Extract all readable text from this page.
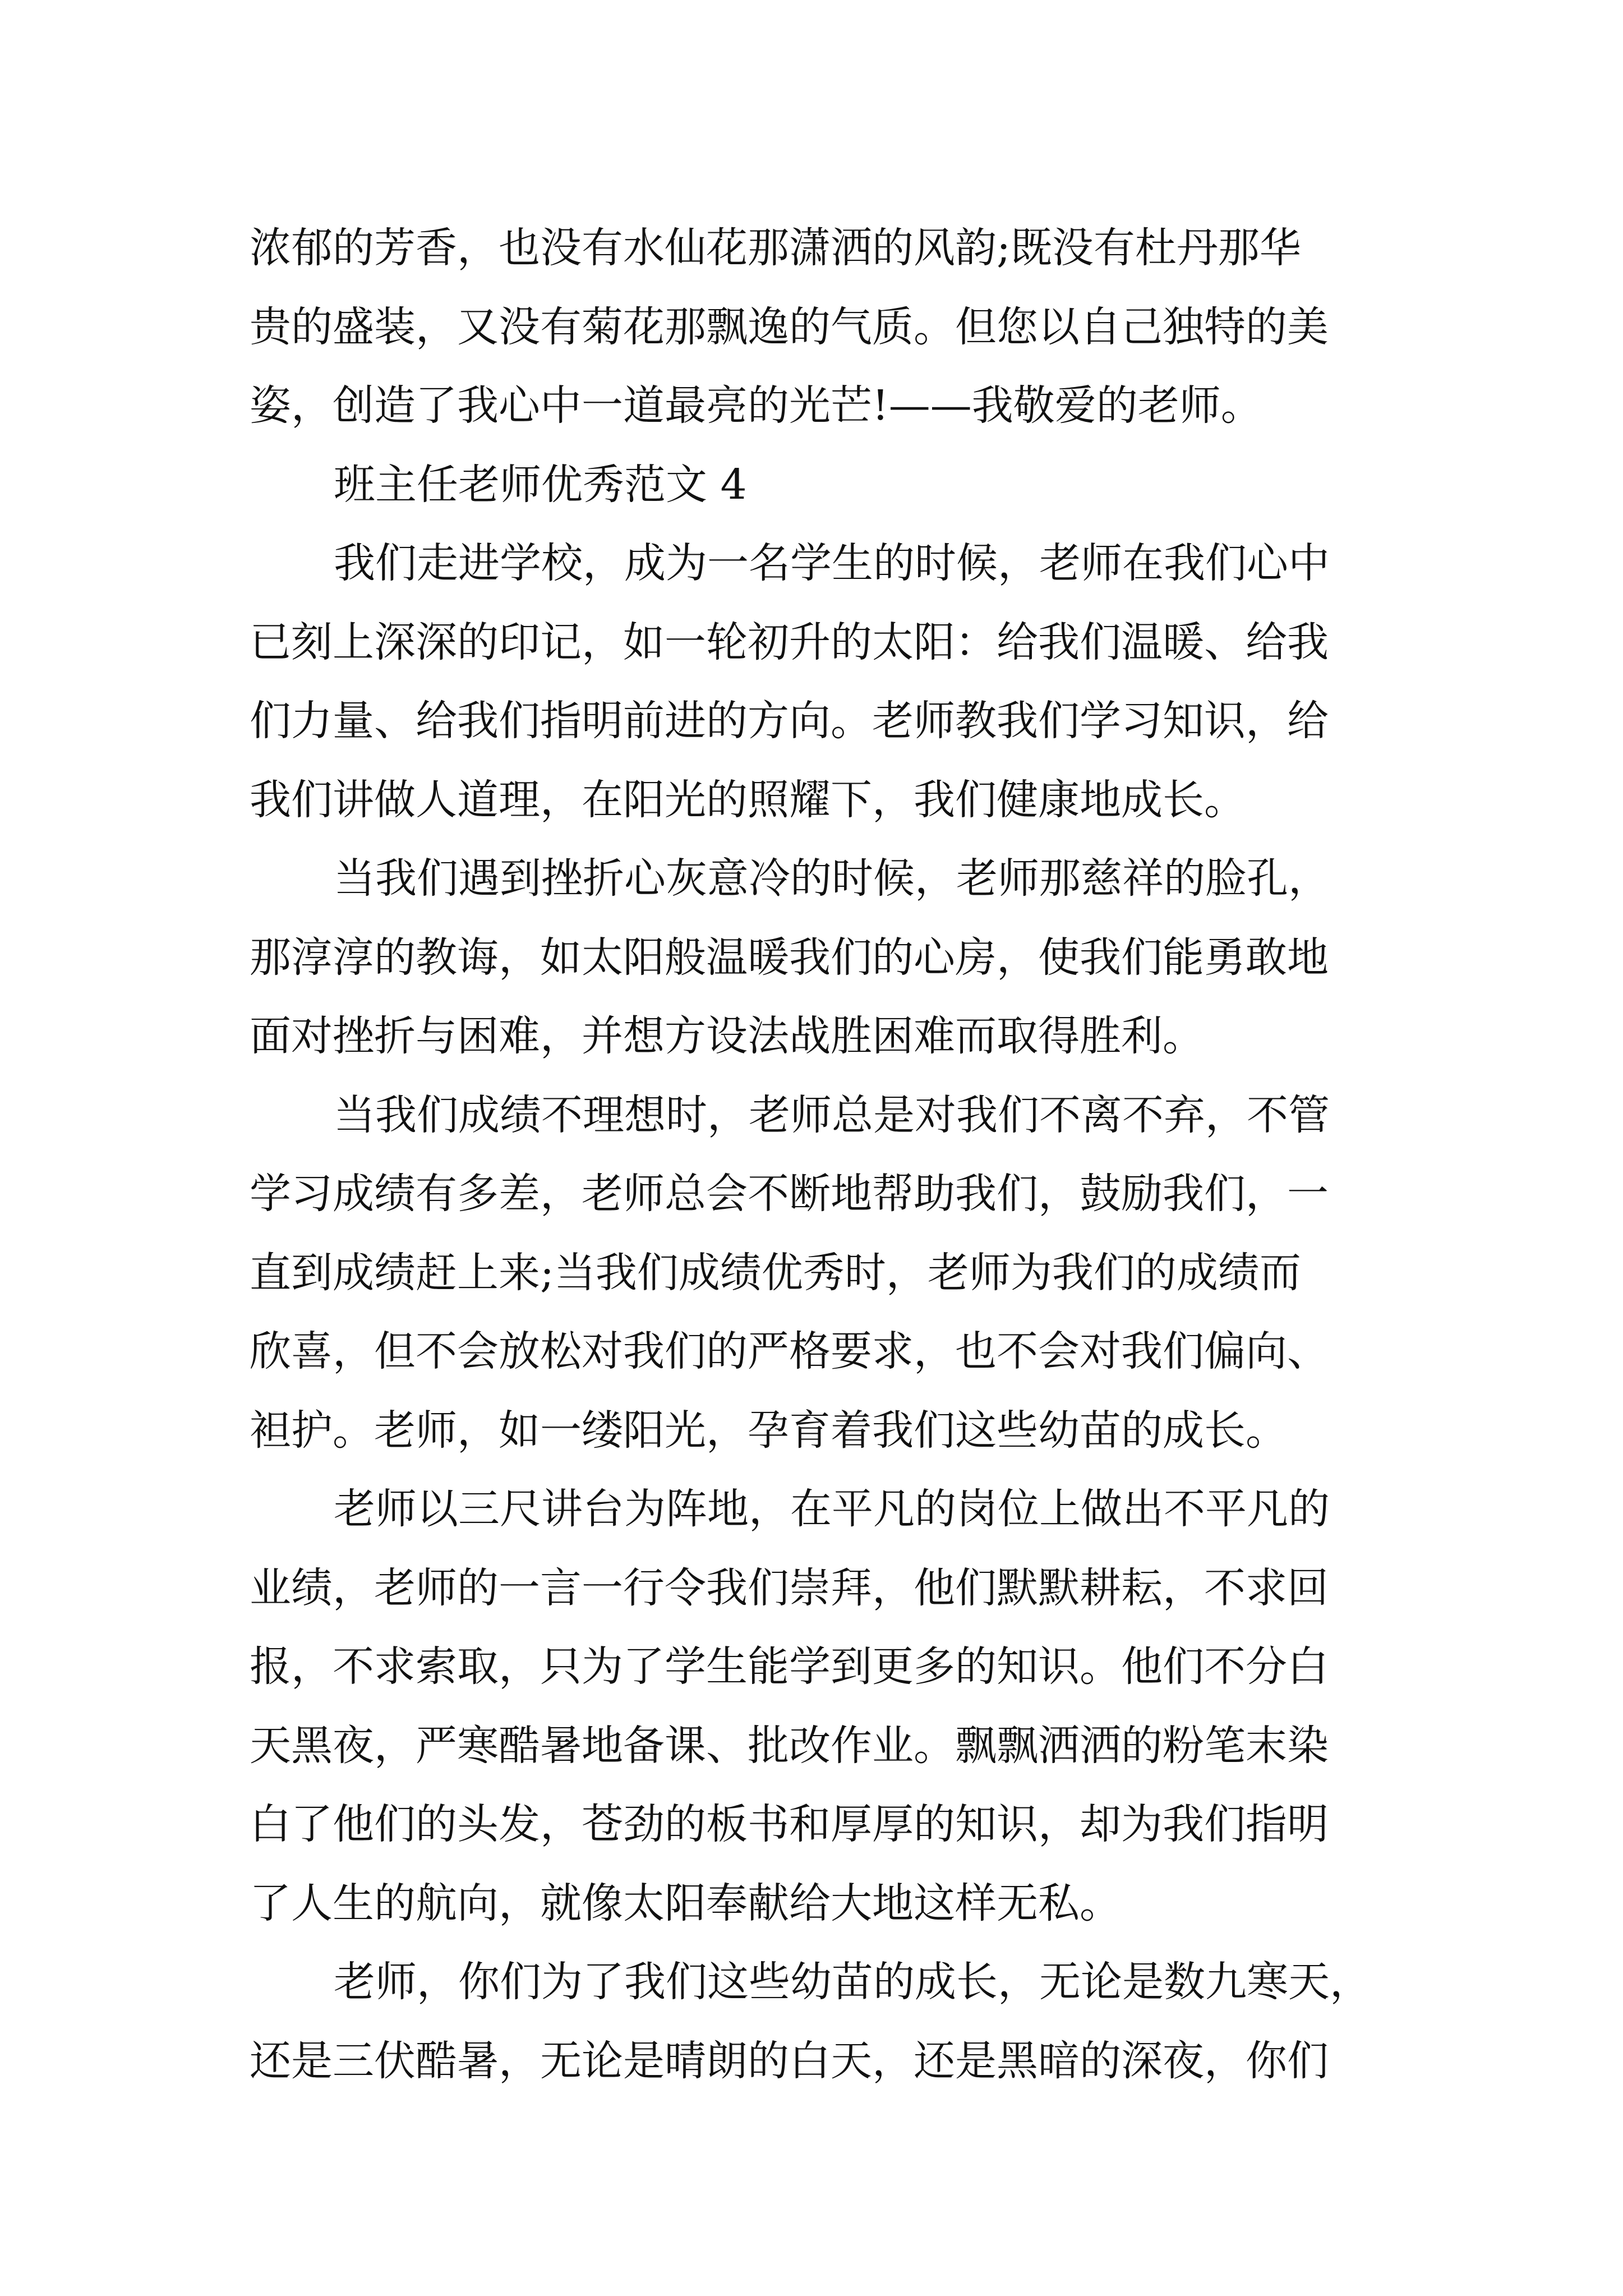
浓郁的芳香，也没有水仙花那潇洒的风韵;既没有杜丹那华
贵的盛装，又没有菊花那飘逸的气质。但您以自己独特的美
姿，创造了我心中一道最亮的光芒!——我敬爱的老师。
班主任老师优秀范文 4
我们走进学校，成为一名学生的时候，老师在我们心中
已刻上深深的印记，如一轮初升的太阳：给我们温暖、给我
们力量、给我们指明前进的方向。老师教我们学习知识，给
我们讲做人道理，在阳光的照耀下，我们健康地成长。
当我们遇到挫折心灰意冷的时候，老师那慈祥的脸孔，
那淳淳的教诲，如太阳般温暖我们的心房，使我们能勇敢地
面对挫折与困难，并想方设法战胜困难而取得胜利。
当我们成绩不理想时，老师总是对我们不离不弃，不管
学习成绩有多差，老师总会不断地帮助我们，鼓励我们，一
直到成绩赶上来;当我们成绩优秀时，老师为我们的成绩而
欣喜，但不会放松对我们的严格要求，也不会对我们偏向、
袒护。老师，如一缕阳光，孕育着我们这些幼苗的成长。
老师以三尺讲台为阵地，在平凡的岗位上做出不平凡的
业绩，老师的一言一行令我们崇拜，他们默默耕耘，不求回
报，不求索取，只为了学生能学到更多的知识。他们不分白
天黑夜，严寒酷暑地备课、批改作业。飘飘洒洒的粉笔末染
白了他们的头发，苍劲的板书和厚厚的知识，却为我们指明
了人生的航向，就像太阳奉献给大地这样无私。
老师，你们为了我们这些幼苗的成长，无论是数九寒天，
还是三伏酷暑，无论是晴朗的白天，还是黑暗的深夜，你们
